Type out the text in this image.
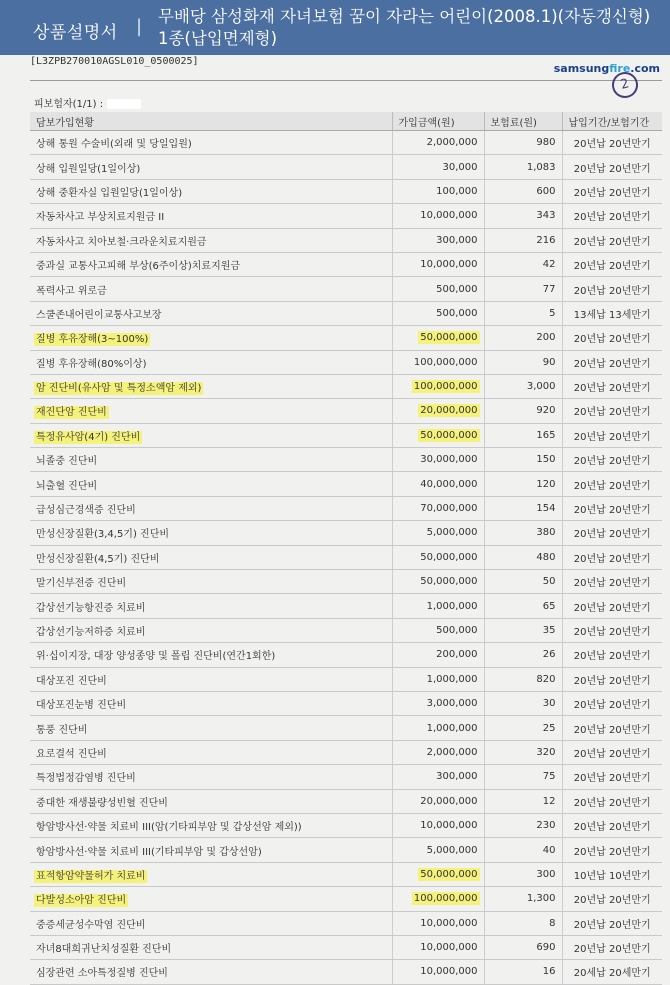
상품설명서 | 무배당 삼성화재 자녀보험 꿈이 자라는 어린이(2008.1)(자동갱신형) 1종(납입면제형)
[L3ZPB270010AGSL010_0500025]
samsungfire.com
2
피보험자(1/1) :
담보가입현황	가입금액(원)	보험료(원)	납입기간/보험기간
상해 통원 수술비(외래 및 당일입원)	2,000,000	980	20년납 20년만기
상해 입원일당(1일이상)	30,000	1,083	20년납 20년만기
상해 중환자실 입원일당(1일이상)	100,000	600	20년납 20년만기
자동차사고 부상치료지원금 II	10,000,000	343	20년납 20년만기
자동차사고 치아보철·크라운치료지원금	300,000	216	20년납 20년만기
중과실 교통사고피해 부상(6주이상)치료지원금	10,000,000	42	20년납 20년만기
폭력사고 위로금	500,000	77	20년납 20년만기
스쿨존내어린이교통사고보장	500,000	5	13세납 13세만기
질병 후유장해(3~100%)	50,000,000	200	20년납 20년만기
질병 후유장해(80%이상)	100,000,000	90	20년납 20년만기
암 진단비(유사암 및 특정소액암 제외)	100,000,000	3,000	20년납 20년만기
재진단암 진단비	20,000,000	920	20년납 20년만기
특정유사암(4기) 진단비	50,000,000	165	20년납 20년만기
뇌졸중 진단비	30,000,000	150	20년납 20년만기
뇌출혈 진단비	40,000,000	120	20년납 20년만기
급성심근경색증 진단비	70,000,000	154	20년납 20년만기
만성신장질환(3,4,5기) 진단비	5,000,000	380	20년납 20년만기
만성신장질환(4,5기) 진단비	50,000,000	480	20년납 20년만기
말기신부전증 진단비	50,000,000	50	20년납 20년만기
갑상선기능항진증 치료비	1,000,000	65	20년납 20년만기
갑상선기능저하증 치료비	500,000	35	20년납 20년만기
위·십이지장, 대장 양성종양 및 폴립 진단비(연간1회한)	200,000	26	20년납 20년만기
대상포진 진단비	1,000,000	820	20년납 20년만기
대상포진눈병 진단비	3,000,000	30	20년납 20년만기
통풍 진단비	1,000,000	25	20년납 20년만기
요로결석 진단비	2,000,000	320	20년납 20년만기
특정법정감염병 진단비	300,000	75	20년납 20년만기
중대한 재생불량성빈혈 진단비	20,000,000	12	20년납 20년만기
항암방사선·약물 치료비 III(암(기타피부암 및 갑상선암 제외))	10,000,000	230	20년납 20년만기
항암방사선·약물 치료비 III(기타피부암 및 갑상선암)	5,000,000	40	20년납 20년만기
표적항암약물허가 치료비	50,000,000	300	10년납 10년만기
다발성소아암 진단비	100,000,000	1,300	20년납 20년만기
중증세균성수막염 진단비	10,000,000	8	20년납 20년만기
자녀8대희귀난치성질환 진단비	10,000,000	690	20년납 20년만기
심장관련 소아특정질병 진단비	10,000,000	16	20세납 20세만기
